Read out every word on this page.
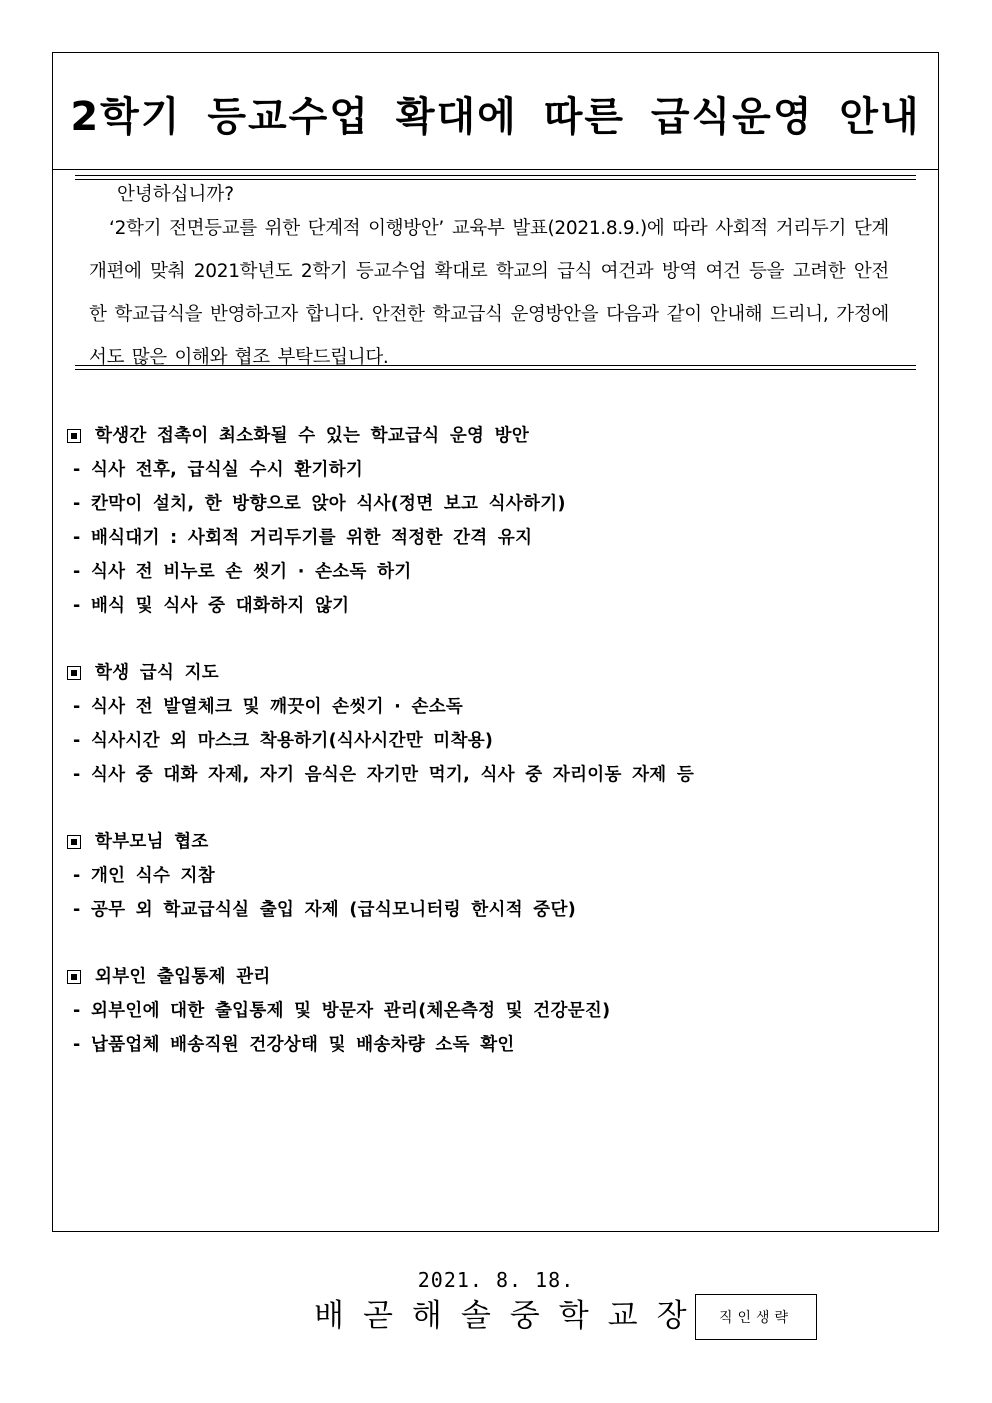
2학기 등교수업 확대에 따른 급식운영 안내

안녕하십니까?

‘2학기 전면등교를 위한 단계적 이행방안’ 교육부 발표(2021.8.9.)에 따라 사회적 거리두기 단계 개편에 맞춰 2021학년도 2학기 등교수업 확대로 학교의 급식 여건과 방역 여건 등을 고려한 안전한 학교급식을 반영하고자 합니다. 안전한 학교급식 운영방안을 다음과 같이 안내해 드리니, 가정에서도 많은 이해와 협조 부탁드립니다.

학생간 접촉이 최소화될 수 있는 학교급식 운영 방안
- 식사 전후, 급식실 수시 환기하기
- 칸막이 설치, 한 방향으로 앉아 식사(정면 보고 식사하기)
- 배식대기 : 사회적 거리두기를 위한 적정한 간격 유지
- 식사 전 비누로 손 씻기 · 손소독 하기
- 배식 및 식사 중 대화하지 않기
학생 급식 지도
- 식사 전 발열체크 및 깨끗이 손씻기 · 손소독
- 식사시간 외 마스크 착용하기(식사시간만 미착용)
- 식사 중 대화 자제, 자기 음식은 자기만 먹기, 식사 중 자리이동 자제 등
학부모님 협조
- 개인 식수 지참
- 공무 외 학교급식실 출입 자제 (급식모니터링 한시적 중단)
외부인 출입통제 관리
- 외부인에 대한 출입통제 및 방문자 관리(체온측정 및 건강문진)
- 납품업체 배송직원 건강상태 및 배송차량 소독 확인
2021. 8. 18.
배곧해솔중학교장 직인생략
